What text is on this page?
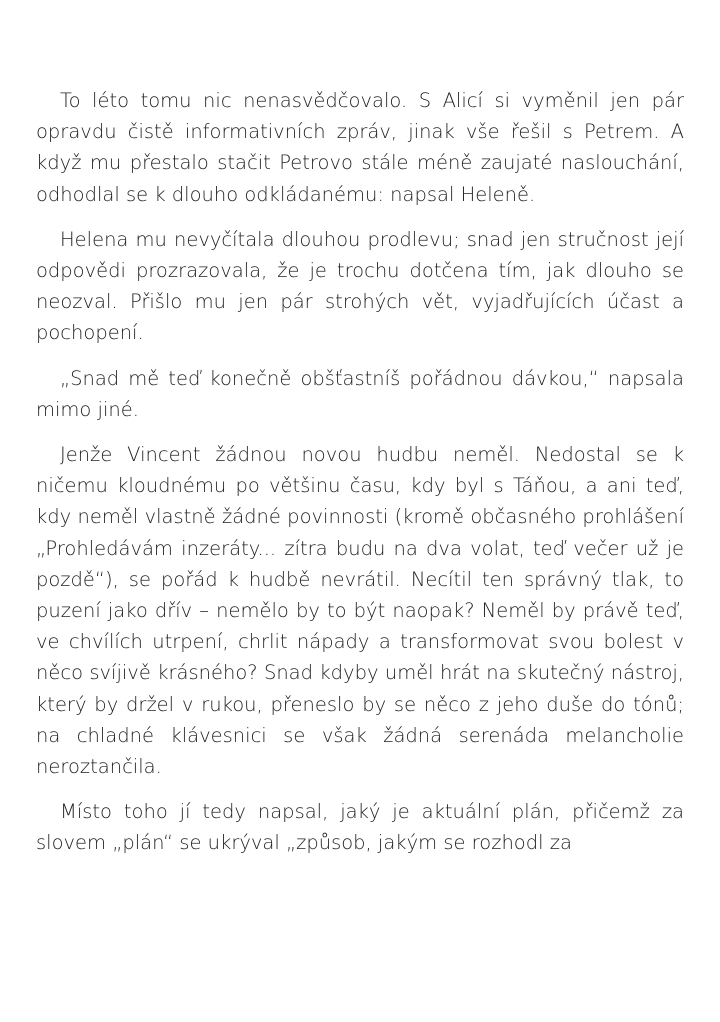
To léto tomu nic nenasvědčovalo. S Alicí si vyměnil jen pár opravdu čistě informativních zpráv, jinak vše řešil s Petrem. A když mu přestalo stačit Petrovo stále méně zaujaté naslouchání, odhodlal se k dlouho odkládanému: napsal Heleně.

Helena mu nevyčítala dlouhou prodlevu; snad jen stručnost její odpovědi prozrazovala, že je trochu dotčena tím, jak dlouho se neozval. Přišlo mu jen pár strohých vět, vyjadřujících účast a pochopení.

„Snad mě teď konečně obšťastníš pořádnou dávkou,“ napsala mimo jiné.

Jenže Vincent žádnou novou hudbu neměl. Nedostal se k ničemu kloudnému po většinu času, kdy byl s Táňou, a ani teď, kdy neměl vlastně žádné povinnosti (kromě občasného prohlášení „Prohledávám inzeráty... zítra budu na dva volat, teď večer už je pozdě“), se pořád k hudbě nevrátil. Necítil ten správný tlak, to puzení jako dřív – nemělo by to být naopak? Neměl by právě teď, ve chvílích utrpení, chrlit nápady a transformovat svou bolest v něco svíjivě krásného? Snad kdyby uměl hrát na skutečný nástroj, který by držel v rukou, přeneslo by se něco z jeho duše do tónů; na chladné klávesnici se však žádná serenáda melancholie neroztančila.

Místo toho jí tedy napsal, jaký je aktuální plán, přičemž za slovem „plán“ se ukrýval „způsob, jakým se rozhodl za
